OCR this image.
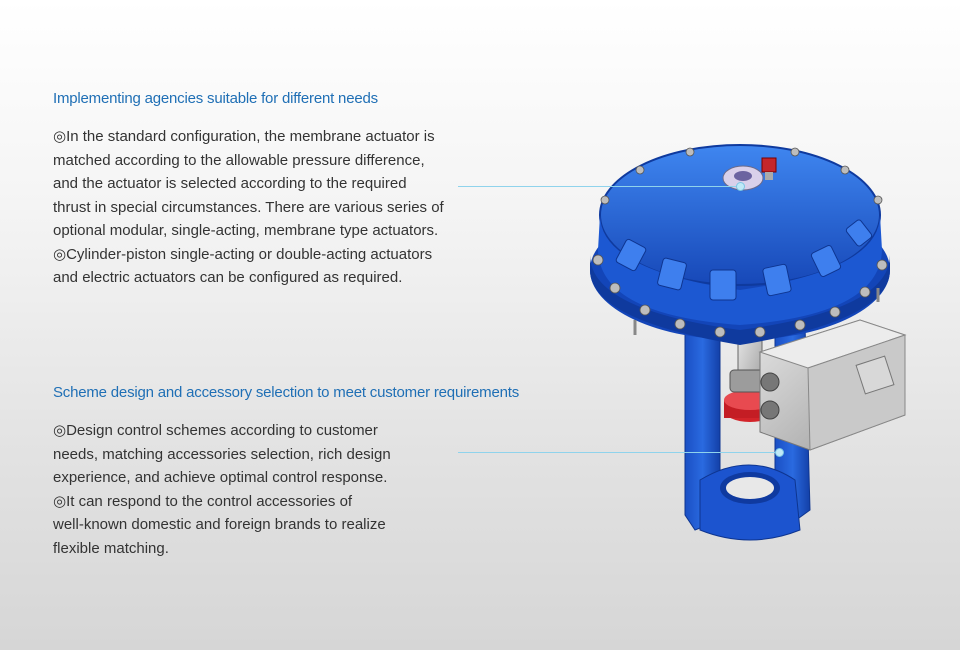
Implementing agencies suitable for different needs
◎In the standard configuration, the membrane actuator is
matched according to the allowable pressure difference,
and the actuator is selected according to the required
thrust in special circumstances. There are various series of
optional modular, single-acting, membrane type actuators.
◎Cylinder-piston single-acting or double-acting actuators
and electric actuators can be configured as required.
Scheme design and accessory selection to meet customer requirements
◎Design control schemes according to customer
needs, matching accessories selection, rich design
experience, and achieve optimal control response.
◎It can respond to the control accessories of
well-known domestic and foreign brands to realize
flexible matching.
